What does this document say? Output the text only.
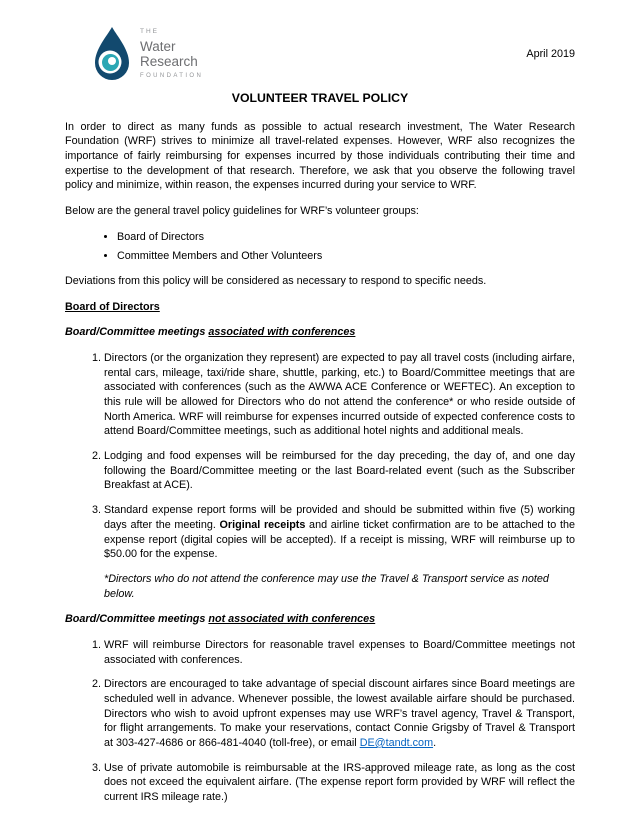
THE
Water
Research
FOUNDATION
April 2019
VOLUNTEER TRAVEL POLICY

In order to direct as many funds as possible to actual research investment, The Water Research Foundation (WRF) strives to minimize all travel-related expenses. However, WRF also recognizes the importance of fairly reimbursing for expenses incurred by those individuals contributing their time and expertise to the development of that research. Therefore, we ask that you observe the following travel policy and minimize, within reason, the expenses incurred during your service to WRF.

Below are the general travel policy guidelines for WRF’s volunteer groups:

• Board of Directors
• Committee Members and Other Volunteers

Deviations from this policy will be considered as necessary to respond to specific needs.

Board of Directors
Board/Committee meetings associated with conferences
1. Directors (or the organization they represent) are expected to pay all travel costs (including airfare, rental cars, mileage, taxi/ride share, shuttle, parking, etc.) to Board/Committee meetings that are associated with conferences (such as the AWWA ACE Conference or WEFTEC). An exception to this rule will be allowed for Directors who do not attend the conference* or who reside outside of North America. WRF will reimburse for expenses incurred outside of expected conference costs to attend Board/Committee meetings, such as additional hotel nights and additional meals.
2. Lodging and food expenses will be reimbursed for the day preceding, the day of, and one day following the Board/Committee meeting or the last Board-related event (such as the Subscriber Breakfast at ACE).
3. Standard expense report forms will be provided and should be submitted within five (5) working days after the meeting. Original receipts and airline ticket confirmation are to be attached to the expense report (digital copies will be accepted). If a receipt is missing, WRF will reimburse up to $50.00 for the expense.

*Directors who do not attend the conference may use the Travel & Transport service as noted below.

Board/Committee meetings not associated with conferences
1. WRF will reimburse Directors for reasonable travel expenses to Board/Committee meetings not associated with conferences.
2. Directors are encouraged to take advantage of special discount airfares since Board meetings are scheduled well in advance. Whenever possible, the lowest available airfare should be purchased. Directors who wish to avoid upfront expenses may use WRF’s travel agency, Travel & Transport, for flight arrangements. To make your reservations, contact Connie Grigsby of Travel & Transport at 303-427-4686 or 866-481-4040 (toll-free), or email DE@tandt.com.
3. Use of private automobile is reimbursable at the IRS-approved mileage rate, as long as the cost does not exceed the equivalent airfare. (The expense report form provided by WRF will reflect the current IRS mileage rate.)
